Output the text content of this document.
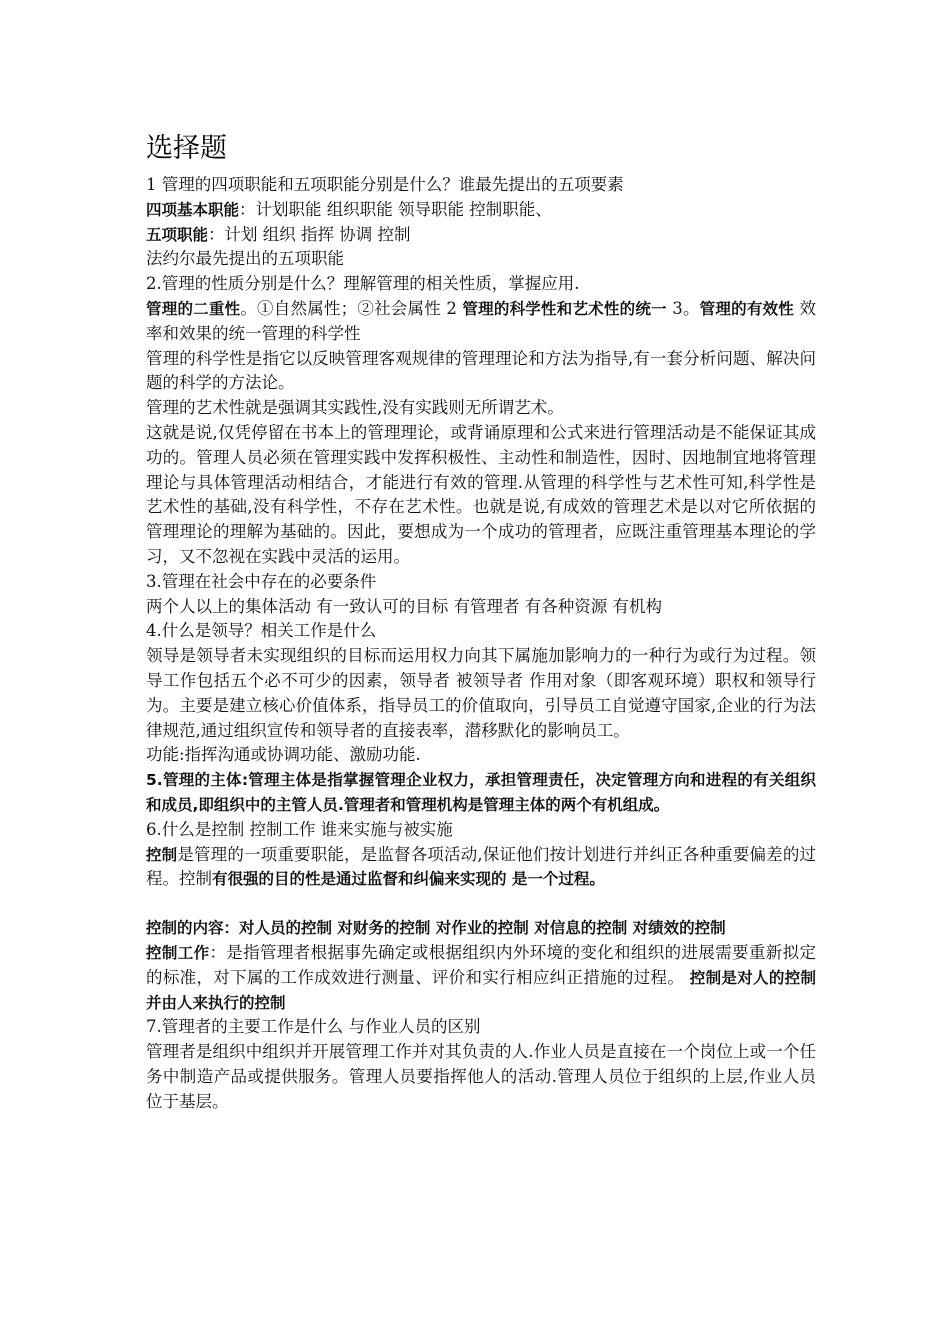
选择题

1 管理的四项职能和五项职能分别是什么？谁最先提出的五项要素

四项基本职能：计划职能 组织职能 领导职能 控制职能、

五项职能：计划 组织 指挥 协调 控制

法约尔最先提出的五项职能

2.管理的性质分别是什么？理解管理的相关性质，掌握应用.

管理的二重性。①自然属性；②社会属性 2 管理的科学性和艺术性的统一 3。管理的有效性 效率和效果的统一管理的科学性

管理的科学性是指它以反映管理客观规律的管理理论和方法为指导,有一套分析问题、解决问题的科学的方法论。

管理的艺术性就是强调其实践性,没有实践则无所谓艺术。

这就是说,仅凭停留在书本上的管理理论，或背诵原理和公式来进行管理活动是不能保证其成功的。管理人员必须在管理实践中发挥积极性、主动性和制造性，因时、因地制宜地将管理理论与具体管理活动相结合，才能进行有效的管理.从管理的科学性与艺术性可知,科学性是艺术性的基础,没有科学性，不存在艺术性。也就是说,有成效的管理艺术是以对它所依据的管理理论的理解为基础的。因此，要想成为一个成功的管理者，应既注重管理基本理论的学习，又不忽视在实践中灵活的运用。

3.管理在社会中存在的必要条件

两个人以上的集体活动 有一致认可的目标 有管理者 有各种资源 有机构

4.什么是领导？相关工作是什么

领导是领导者未实现组织的目标而运用权力向其下属施加影响力的一种行为或行为过程。领导工作包括五个必不可少的因素，领导者 被领导者 作用对象（即客观环境）职权和领导行为。主要是建立核心价值体系，指导员工的价值取向，引导员工自觉遵守国家,企业的行为法律规范,通过组织宣传和领导者的直接表率，潜移默化的影响员工。

功能:指挥沟通或协调功能、激励功能.

5.管理的主体:管理主体是指掌握管理企业权力，承担管理责任，决定管理方向和进程的有关组织和成员,即组织中的主管人员.管理者和管理机构是管理主体的两个有机组成。

6.什么是控制 控制工作 谁来实施与被实施

控制是管理的一项重要职能，是监督各项活动,保证他们按计划进行并纠正各种重要偏差的过程。控制有很强的目的性是通过监督和纠偏来实现的 是一个过程。

控制的内容：对人员的控制 对财务的控制 对作业的控制 对信息的控制 对绩效的控制

控制工作：是指管理者根据事先确定或根据组织内外环境的变化和组织的进展需要重新拟定的标准，对下属的工作成效进行测量、评价和实行相应纠正措施的过程。 控制是对人的控制并由人来执行的控制

7.管理者的主要工作是什么 与作业人员的区别

管理者是组织中组织并开展管理工作并对其负责的人.作业人员是直接在一个岗位上或一个任务中制造产品或提供服务。管理人员要指挥他人的活动.管理人员位于组织的上层,作业人员位于基层。
